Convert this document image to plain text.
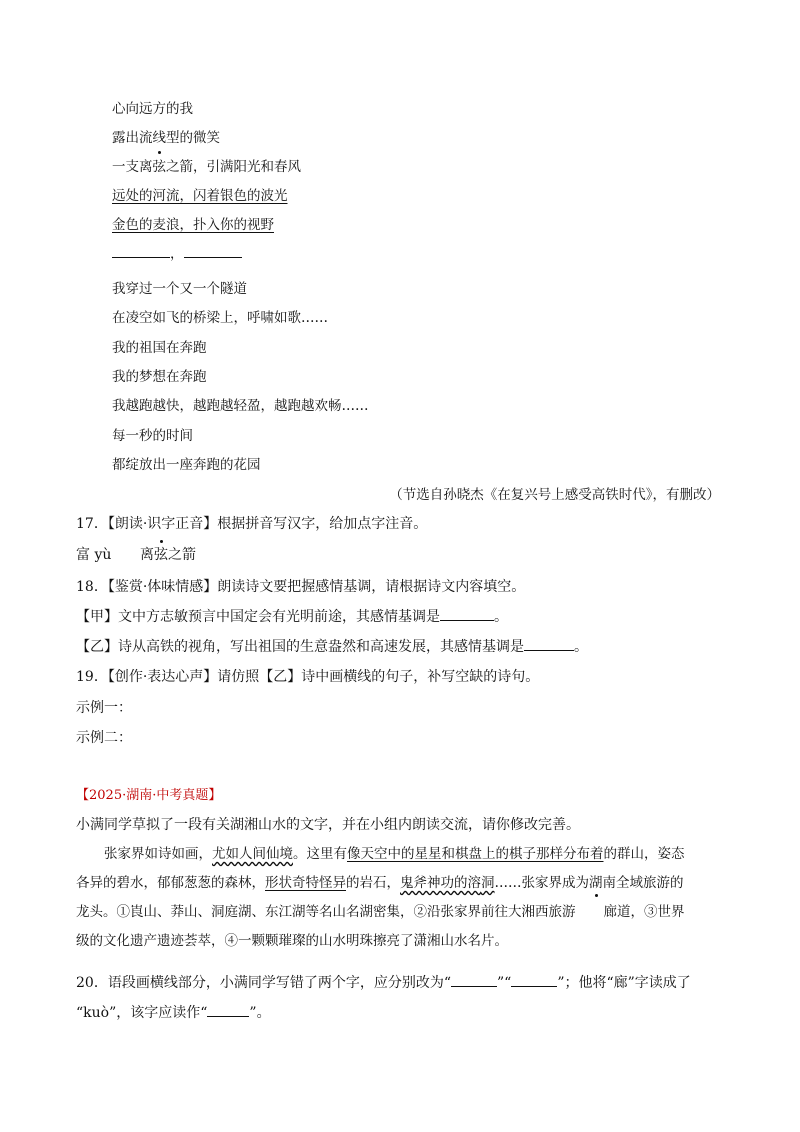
心向远方的我
露出流线型的微笑
一支离弦之箭，引满阳光和春风
远处的河流，闪着银色的波光
金色的麦浪，扑入你的视野
，
我穿过一个又一个隧道
在凌空如飞的桥梁上，呼啸如歌……
我的祖国在奔跑
我的梦想在奔跑
我越跑越快，越跑越轻盈，越跑越欢畅……
每一秒的时间
都绽放出一座奔跑的花园
（节选自孙晓杰《在复兴号上感受高铁时代》，有删改）
17．【朗读·识字正音】根据拼音写汉字，给加点字注音。
富 yù 离弦之箭
18．【鉴赏·体味情感】朗读诗文要把握感情基调，请根据诗文内容填空。
【甲】文中方志敏预言中国定会有光明前途，其感情基调是	。
【乙】诗从高铁的视角，写出祖国的生意盎然和高速发展，其感情基调是	。
19．【创作·表达心声】请仿照【乙】诗中画横线的句子，补写空缺的诗句。
示例一：
示例二：
【2025·湖南·中考真题】
小满同学草拟了一段有关湖湘山水的文字，并在小组内朗读交流，请你修改完善。
张家界如诗如画，尤如人间仙境。这里有像天空中的星星和棋盘上的棋子那样分布着的群山，姿态各异的碧水，郁郁葱葱的森林，形状奇特怪异的岩石，鬼斧神功的溶洞……张家界成为湖南全域旅游的龙头。①崀山、莽山、洞庭湖、东江湖等名山名湖密集，②沿张家界前往大湘西旅游 廊道，③世界级的文化遗产遗迹荟萃，④一颗颗璀璨的山水明珠擦亮了潇湘山水名片。
20．语段画横线部分，小满同学写错了两个字，应分别改为“	”“	”；他将“廊”字读成了
“kuò”，该字应读作“	”。
